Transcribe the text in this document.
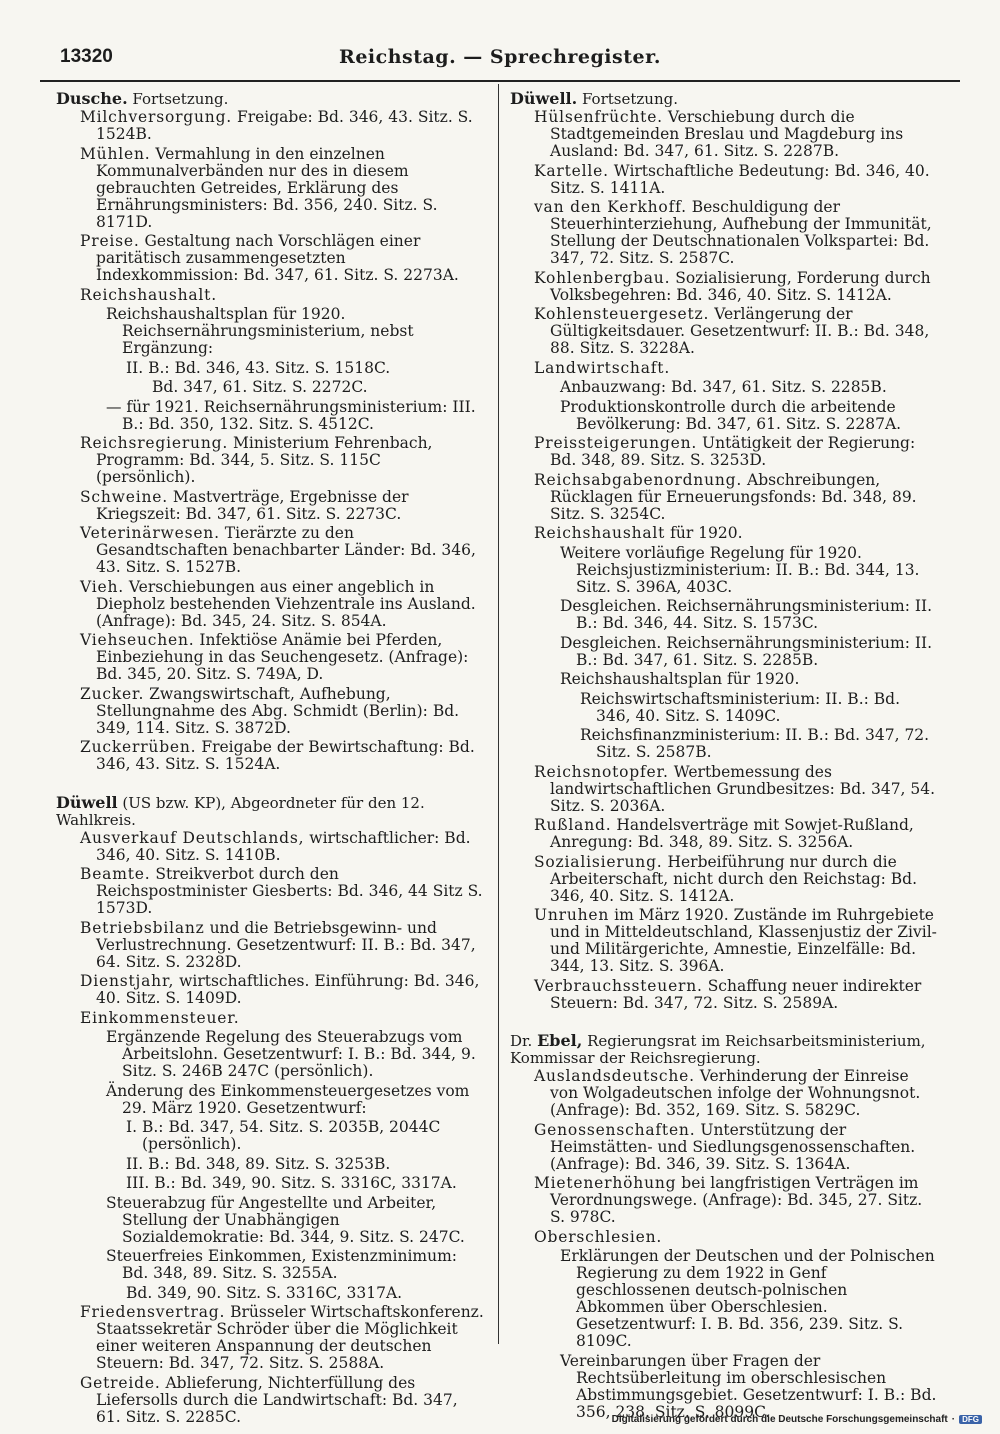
13320	Reichstag. — Sprechregister.
Dusche. Fortsetzung.
Milchversorgung. Freigabe: Bd. 346, 43. Sitz. S. 1524B.
Mühlen. Vermahlung in den einzelnen Kommunalverbänden nur des in diesem gebrauchten Getreides, Erklärung des Ernährungsministers: Bd. 356, 240. Sitz. S. 8171D.
Preise. Gestaltung nach Vorschlägen einer paritätisch zusammengesetzten Indexkommission: Bd. 347, 61. Sitz. S. 2273A.
Reichshaushalt.
Reichshaushaltsplan für 1920. Reichsernährungsministerium, nebst Ergänzung:
II. B.: Bd. 346, 43. Sitz. S. 1518C.
Bd. 347, 61. Sitz. S. 2272C.
— für 1921. Reichsernährungsministerium: III. B.: Bd. 350, 132. Sitz. S. 4512C.
Reichsregierung. Ministerium Fehrenbach, Programm: Bd. 344, 5. Sitz. S. 115C (persönlich).
Schweine. Mastverträge, Ergebnisse der Kriegszeit: Bd. 347, 61. Sitz. S. 2273C.
Veterinärwesen. Tierärzte zu den Gesandtschaften benachbarter Länder: Bd. 346, 43. Sitz. S. 1527B.
Vieh. Verschiebungen aus einer angeblich in Diepholz bestehenden Viehzentrale ins Ausland. (Anfrage): Bd. 345, 24. Sitz. S. 854A.
Viehseuchen. Infektiöse Anämie bei Pferden, Einbeziehung in das Seuchengesetz. (Anfrage): Bd. 345, 20. Sitz. S. 749A, D.
Zucker. Zwangswirtschaft, Aufhebung, Stellungnahme des Abg. Schmidt (Berlin): Bd. 349, 114. Sitz. S. 3872D.
Zuckerrüben. Freigabe der Bewirtschaftung: Bd. 346, 43. Sitz. S. 1524A.
Düwell (US bzw. KP), Abgeordneter für den 12. Wahlkreis.
Ausverkauf Deutschlands, wirtschaftlicher: Bd. 346, 40. Sitz. S. 1410B.
Beamte. Streikverbot durch den Reichspostminister Giesberts: Bd. 346, 44 Sitz S. 1573D.
Betriebsbilanz und die Betriebsgewinn- und Verlustrechnung. Gesetzentwurf: II. B.: Bd. 347, 64. Sitz. S. 2328D.
Dienstjahr, wirtschaftliches. Einführung: Bd. 346, 40. Sitz. S. 1409D.
Einkommensteuer.
Ergänzende Regelung des Steuerabzugs vom Arbeitslohn. Gesetzentwurf: I. B.: Bd. 344, 9. Sitz. S. 246B 247C (persönlich).
Änderung des Einkommensteuergesetzes vom 29. März 1920. Gesetzentwurf:
I. B.: Bd. 347, 54. Sitz. S. 2035B, 2044C (persönlich).
II. B.: Bd. 348, 89. Sitz. S. 3253B.
III. B.: Bd. 349, 90. Sitz. S. 3316C, 3317A.
Steuerabzug für Angestellte und Arbeiter, Stellung der Unabhängigen Sozialdemokratie: Bd. 344, 9. Sitz. S. 247C.
Steuerfreies Einkommen, Existenzminimum: Bd. 348, 89. Sitz. S. 3255A.
Bd. 349, 90. Sitz. S. 3316C, 3317A.
Friedensvertrag. Brüsseler Wirtschaftskonferenz. Staatssekretär Schröder über die Möglichkeit einer weiteren Anspannung der deutschen Steuern: Bd. 347, 72. Sitz. S. 2588A.
Getreide. Ablieferung, Nichterfüllung des Liefersolls durch die Landwirtschaft: Bd. 347, 61. Sitz. S. 2285C.
Düwell. Fortsetzung.
Hülsenfrüchte. Verschiebung durch die Stadtgemeinden Breslau und Magdeburg ins Ausland: Bd. 347, 61. Sitz. S. 2287B.
Kartelle. Wirtschaftliche Bedeutung: Bd. 346, 40. Sitz. S. 1411A.
van den Kerkhoff. Beschuldigung der Steuerhinterziehung, Aufhebung der Immunität, Stellung der Deutschnationalen Volkspartei: Bd. 347, 72. Sitz. S. 2587C.
Kohlenbergbau. Sozialisierung, Forderung durch Volksbegehren: Bd. 346, 40. Sitz. S. 1412A.
Kohlensteuergesetz. Verlängerung der Gültigkeitsdauer. Gesetzentwurf: II. B.: Bd. 348, 88. Sitz. S. 3228A.
Landwirtschaft.
Anbauzwang: Bd. 347, 61. Sitz. S. 2285B.
Produktionskontrolle durch die arbeitende Bevölkerung: Bd. 347, 61. Sitz. S. 2287A.
Preissteigerungen. Untätigkeit der Regierung: Bd. 348, 89. Sitz. S. 3253D.
Reichsabgabenordnung. Abschreibungen, Rücklagen für Erneuerungsfonds: Bd. 348, 89. Sitz. S. 3254C.
Reichshaushalt für 1920.
Weitere vorläufige Regelung für 1920. Reichsjustizministerium: II. B.: Bd. 344, 13. Sitz. S. 396A, 403C.
Desgleichen. Reichsernährungsministerium: II. B.: Bd. 346, 44. Sitz. S. 1573C.
Desgleichen. Reichsernährungsministerium: II. B.: Bd. 347, 61. Sitz. S. 2285B.
Reichshaushaltsplan für 1920.
Reichswirtschaftsministerium: II. B.: Bd. 346, 40. Sitz. S. 1409C.
Reichsfinanzministerium: II. B.: Bd. 347, 72. Sitz. S. 2587B.
Reichsnotopfer. Wertbemessung des landwirtschaftlichen Grundbesitzes: Bd. 347, 54. Sitz. S. 2036A.
Rußland. Handelsverträge mit Sowjet-Rußland, Anregung: Bd. 348, 89. Sitz. S. 3256A.
Sozialisierung. Herbeiführung nur durch die Arbeiterschaft, nicht durch den Reichstag: Bd. 346, 40. Sitz. S. 1412A.
Unruhen im März 1920. Zustände im Ruhrgebiete und in Mitteldeutschland, Klassenjustiz der Zivil- und Militärgerichte, Amnestie, Einzelfälle: Bd. 344, 13. Sitz. S. 396A.
Verbrauchssteuern. Schaffung neuer indirekter Steuern: Bd. 347, 72. Sitz. S. 2589A.
Dr. Ebel, Regierungsrat im Reichsarbeitsministerium, Kommissar der Reichsregierung.
Auslandsdeutsche. Verhinderung der Einreise von Wolgadeutschen infolge der Wohnungsnot. (Anfrage): Bd. 352, 169. Sitz. S. 5829C.
Genossenschaften. Unterstützung der Heimstätten- und Siedlungsgenossenschaften. (Anfrage): Bd. 346, 39. Sitz. S. 1364A.
Mietenerhöhung bei langfristigen Verträgen im Verordnungswege. (Anfrage): Bd. 345, 27. Sitz. S. 978C.
Oberschlesien.
Erklärungen der Deutschen und der Polnischen Regierung zu dem 1922 in Genf geschlossenen deutsch-polnischen Abkommen über Oberschlesien. Gesetzentwurf: I. B. Bd. 356, 239. Sitz. S. 8109C.
Vereinbarungen über Fragen der Rechtsüberleitung im oberschlesischen Abstimmungsgebiet. Gesetzentwurf: I. B.: Bd. 356, 238. Sitz. S. 8099C.
Digitalisierung gefördert durch die Deutsche Forschungsgemeinschaft · DFG
